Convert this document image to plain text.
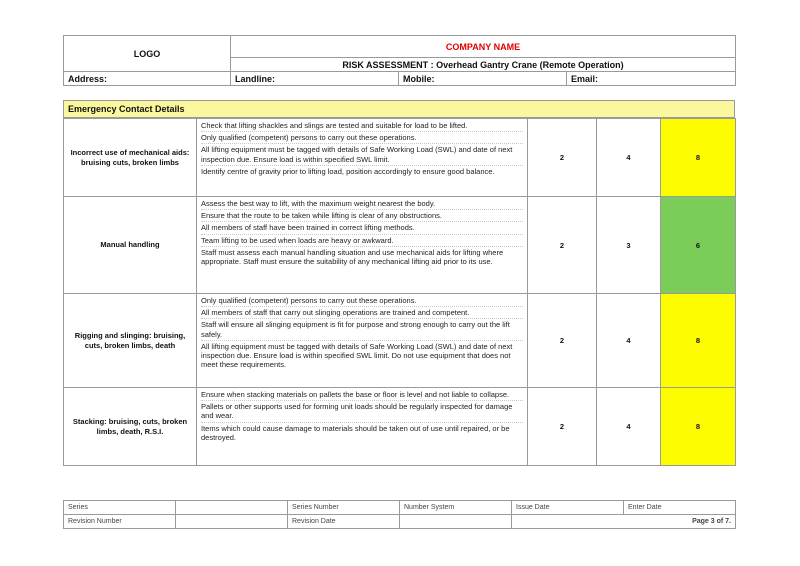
LOGO	COMPANY NAME		
	RISK ASSESSMENT : Overhead Gantry Crane (Remote Operation)		
Address:	Landline:	Mobile:	Email:
Emergency Contact Details
Incorrect use of mechanical aids: bruising cuts, broken limbs	Check that lifting shackles and slings are tested and suitable for load to be lifted.
Only qualified (competent) persons to carry out these operations.
All lifting equipment must be tagged with details of Safe Working Load (SWL) and date of next inspection due. Ensure load is within specified SWL limit.
Identify centre of gravity prior to lifting load, position accordingly to ensure good balance.	2	4	8
Manual handling	Assess the best way to lift, with the maximum weight nearest the body.
Ensure that the route to be taken while lifting is clear of any obstructions.
All members of staff have been trained in correct lifting methods.
Team lifting to be used when loads are heavy or awkward.
Staff must assess each manual handling situation and use mechanical aids for lifting where appropriate. Staff must ensure the suitability of any mechanical lifting aid prior to its use.	2	3	6
Rigging and slinging: bruising, cuts, broken limbs, death	Only qualified (competent) persons to carry out these operations.
All members of staff that carry out slinging operations are trained and competent.
Staff will ensure all slinging equipment is fit for purpose and strong enough to carry out the lift safely.
All lifting equipment must be tagged with details of Safe Working Load (SWL) and date of next inspection due. Ensure load is within specified SWL limit. Do not use equipment that does not meet these requirements.	2	4	8
Stacking: bruising, cuts, broken limbs, death, R.S.I.	Ensure when stacking materials on pallets the base or floor is level and not liable to collapse.
Pallets or other supports used for forming unit loads should be regularly inspected for damage and wear.
Items which could cause damage to materials should be taken out of use until repaired, or be destroyed.	2	4	8
Series		Series Number	Number System	Issue Date	Enter Date
Revision Number		Revision Date		Page 3 of 7.	
